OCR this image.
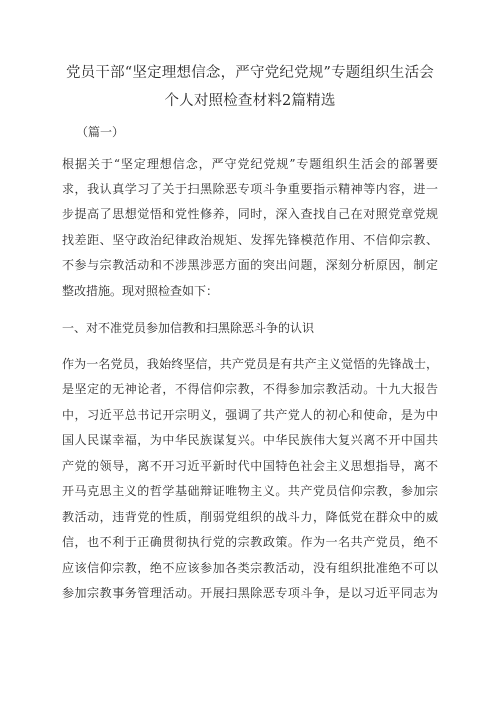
党员干部“坚定理想信念，严守党纪党规”专题组织生活会
个人对照检查材料2篇精选
（篇一）
根据关于“坚定理想信念，严守党纪党规”专题组织生活会的部署要
求，我认真学习了关于扫黑除恶专项斗争重要指示精神等内容，进一
步提高了思想觉悟和党性修养，同时，深入查找自己在对照党章党规
找差距、坚守政治纪律政治规矩、发挥先锋模范作用、不信仰宗教、
不参与宗教活动和不涉黑涉恶方面的突出问题，深刻分析原因，制定
整改措施。现对照检查如下：
一、对不准党员参加信教和扫黑除恶斗争的认识
作为一名党员，我始终坚信，共产党员是有共产主义觉悟的先锋战士，
是坚定的无神论者，不得信仰宗教，不得参加宗教活动。十九大报告
中，习近平总书记开宗明义，强调了共产党人的初心和使命，是为中
国人民谋幸福，为中华民族谋复兴。中华民族伟大复兴离不开中国共
产党的领导，离不开习近平新时代中国特色社会主义思想指导，离不
开马克思主义的哲学基础辩证唯物主义。共产党员信仰宗教，参加宗
教活动，违背党的性质，削弱党组织的战斗力，降低党在群众中的威
信，也不利于正确贯彻执行党的宗教政策。作为一名共产党员，绝不
应该信仰宗教，绝不应该参加各类宗教活动，没有组织批准绝不可以
参加宗教事务管理活动。开展扫黑除恶专项斗争，是以习近平同志为
